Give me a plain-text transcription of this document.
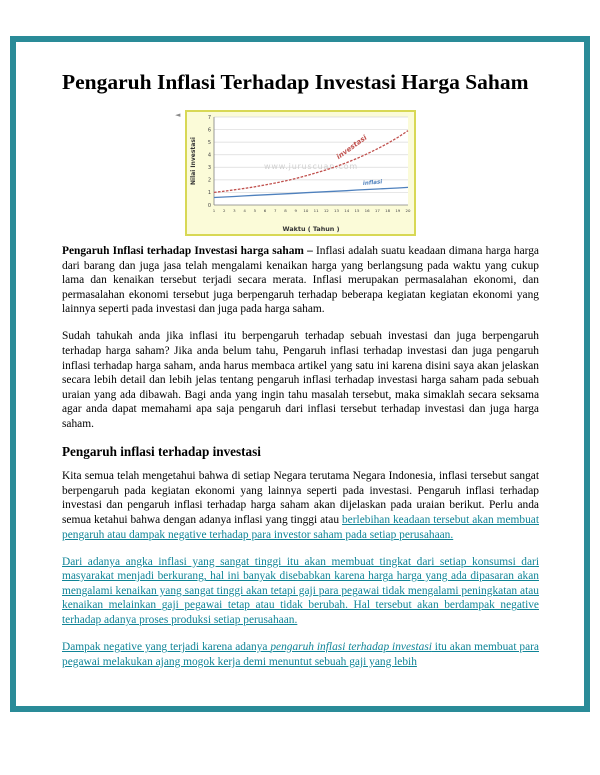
Pengaruh Inflasi Terhadap Investasi Harga Saham
◄
0
1
2
3
4
5
6
7
1 2 3 4 5 6 7 8 9 10 11 12 13 14 15 16 17 18 19 20
www.juruscuan.com
investasi
inflasi
Waktu ( Tahun )
Nilai Investasi

Pengaruh Inflasi terhadap Investasi harga saham – Inflasi adalah suatu keadaan dimana harga harga dari barang dan juga jasa telah mengalami kenaikan harga yang berlangsung pada waktu yang cukup lama dan kenaikan tersebut terjadi secara merata. Inflasi merupakan permasalahan ekonomi, dan permasalahan ekonomi tersebut juga berpengaruh terhadap beberapa kegiatan kegiatan ekonomi yang lainnya seperti pada investasi dan juga pada harga saham.

Sudah tahukah anda jika inflasi itu berpengaruh terhadap sebuah investasi dan juga berpengaruh terhadap harga saham? Jika anda belum tahu, Pengaruh inflasi terhadap investasi dan juga pengaruh inflasi terhadap harga saham, anda harus membaca artikel yang satu ini karena disini saya akan jelaskan secara lebih detail dan lebih jelas tentang pengaruh inflasi terhadap investasi harga saham pada sebuah uraian yang ada dibawah. Bagi anda yang ingin tahu masalah tersebut, maka simaklah secara seksama agar anda dapat memahami apa saja pengaruh dari inflasi tersebut terhadap investasi dan juga harga saham.

Pengaruh inflasi terhadap investasi

Kita semua telah mengetahui bahwa di setiap Negara terutama Negara Indonesia, inflasi tersebut sangat berpengaruh pada kegiatan ekonomi yang lainnya seperti pada investasi. Pengaruh inflasi terhadap investasi dan pengaruh inflasi terhadap harga saham akan dijelaskan pada uraian berikut. Perlu anda semua ketahui bahwa dengan adanya inflasi yang tinggi atau berlebihan keadaan tersebut akan membuat pengaruh atau dampak negative terhadap para investor saham pada setiap perusahaan.

Dari adanya angka inflasi yang sangat tinggi itu akan membuat tingkat dari setiap konsumsi dari masyarakat menjadi berkurang, hal ini banyak disebabkan karena harga harga yang ada dipasaran akan mengalami kenaikan yang sangat tinggi akan tetapi gaji para pegawai tidak mengalami peningkatan atau kenaikan melainkan gaji pegawai tetap atau tidak berubah. Hal tersebut akan berdampak negative terhadap adanya proses produksi setiap perusahaan.

Dampak negative yang terjadi karena adanya pengaruh inflasi terhadap investasi itu akan membuat para pegawai melakukan ajang mogok kerja demi menuntut sebuah gaji yang lebih
